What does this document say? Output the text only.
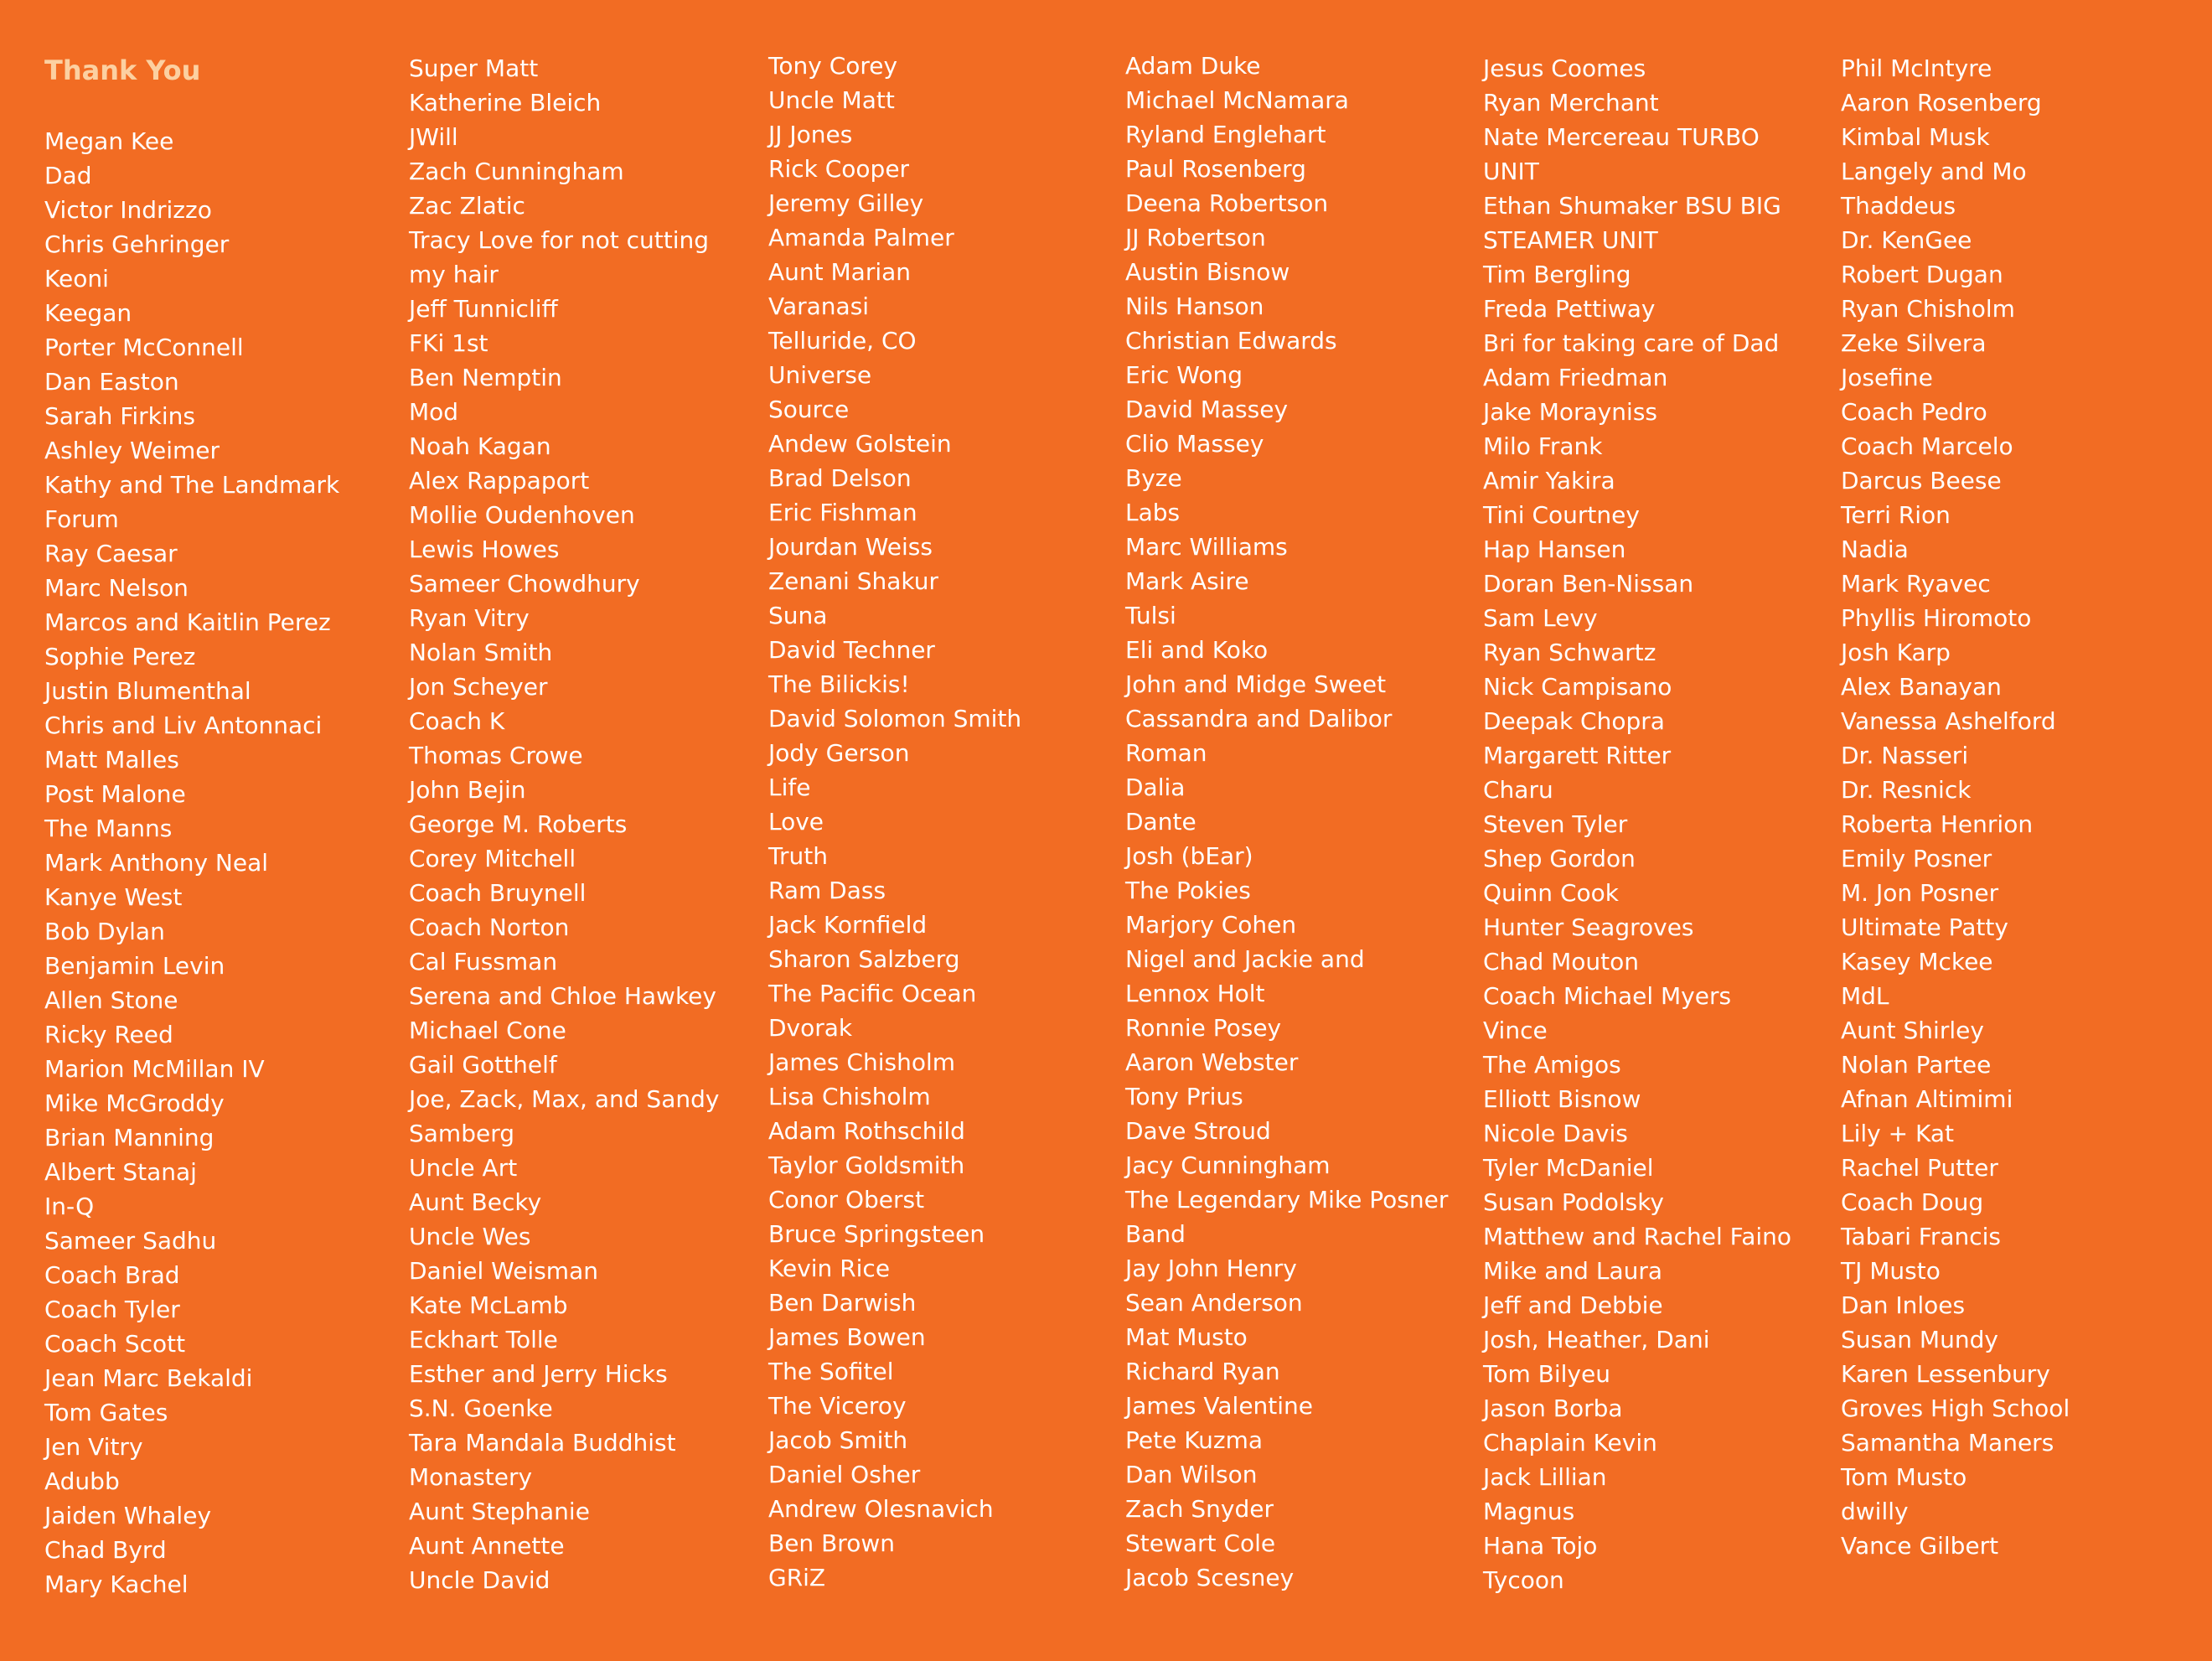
Thank You
Megan Kee
Dad
Victor Indrizzo
Chris Gehringer
Keoni
Keegan
Porter McConnell
Dan Easton
Sarah Firkins
Ashley Weimer
Kathy and The Landmark Forum
Ray Caesar
Marc Nelson
Marcos and Kaitlin Perez
Sophie Perez
Justin Blumenthal
Chris and Liv Antonnaci
Matt Malles
Post Malone
The Manns
Mark Anthony Neal
Kanye West
Bob Dylan
Benjamin Levin
Allen Stone
Ricky Reed
Marion McMillan IV
Mike McGroddy
Brian Manning
Albert Stanaj
In-Q
Sameer Sadhu
Coach Brad
Coach Tyler
Coach Scott
Jean Marc Bekaldi
Tom Gates
Jen Vitry
Adubb
Jaiden Whaley
Chad Byrd
Mary Kachel
Super Matt
Katherine Bleich
JWill
Zach Cunningham
Zac Zlatic
Tracy Love for not cutting my hair
Jeff Tunnicliff
FKi 1st
Ben Nemptin
Mod
Noah Kagan
Alex Rappaport
Mollie Oudenhoven
Lewis Howes
Sameer Chowdhury
Ryan Vitry
Nolan Smith
Jon Scheyer
Coach K
Thomas Crowe
John Bejin
George M. Roberts
Corey Mitchell
Coach Bruynell
Coach Norton
Cal Fussman
Serena and Chloe Hawkey
Michael Cone
Gail Gotthelf
Joe, Zack, Max, and Sandy Samberg
Uncle Art
Aunt Becky
Uncle Wes
Daniel Weisman
Kate McLamb
Eckhart Tolle
Esther and Jerry Hicks
S.N. Goenke
Tara Mandala Buddhist Monastery
Aunt Stephanie
Aunt Annette
Uncle David
Tony Corey
Uncle Matt
JJ Jones
Rick Cooper
Jeremy Gilley
Amanda Palmer
Aunt Marian
Varanasi
Telluride, CO
Universe
Source
Andew Golstein
Brad Delson
Eric Fishman
Jourdan Weiss
Zenani Shakur
Suna
David Techner
The Bilickis!
David Solomon Smith
Jody Gerson
Life
Love
Truth
Ram Dass
Jack Kornfield
Sharon Salzberg
The Pacific Ocean
Dvorak
James Chisholm
Lisa Chisholm
Adam Rothschild
Taylor Goldsmith
Conor Oberst
Bruce Springsteen
Kevin Rice
Ben Darwish
James Bowen
The Sofitel
The Viceroy
Jacob Smith
Daniel Osher
Andrew Olesnavich
Ben Brown
GRiZ
Adam Duke
Michael McNamara
Ryland Englehart
Paul Rosenberg
Deena Robertson
JJ Robertson
Austin Bisnow
Nils Hanson
Christian Edwards
Eric Wong
David Massey
Clio Massey
Byze
Labs
Marc Williams
Mark Asire
Tulsi
Eli and Koko
John and Midge Sweet
Cassandra and Dalibor
Roman
Dalia
Dante
Josh (bEar)
The Pokies
Marjory Cohen
Nigel and Jackie and Lennox Holt
Ronnie Posey
Aaron Webster
Tony Prius
Dave Stroud
Jacy Cunningham
The Legendary Mike Posner Band
Jay John Henry
Sean Anderson
Mat Musto
Richard Ryan
James Valentine
Pete Kuzma
Dan Wilson
Zach Snyder
Stewart Cole
Jacob Scesney
Jesus Coomes
Ryan Merchant
Nate Mercereau TURBO UNIT
Ethan Shumaker BSU BIG STEAMER UNIT
Tim Bergling
Freda Pettiway
Bri for taking care of Dad
Adam Friedman
Jake Morayniss
Milo Frank
Amir Yakira
Tini Courtney
Hap Hansen
Doran Ben-Nissan
Sam Levy
Ryan Schwartz
Nick Campisano
Deepak Chopra
Margarett Ritter
Charu
Steven Tyler
Shep Gordon
Quinn Cook
Hunter Seagroves
Chad Mouton
Coach Michael Myers
Vince
The Amigos
Elliott Bisnow
Nicole Davis
Tyler McDaniel
Susan Podolsky
Matthew and Rachel Faino
Mike and Laura
Jeff and Debbie
Josh, Heather, Dani
Tom Bilyeu
Jason Borba
Chaplain Kevin
Jack Lillian
Magnus
Hana Tojo
Tycoon
Phil McIntyre
Aaron Rosenberg
Kimbal Musk
Langely and Mo
Thaddeus
Dr. KenGee
Robert Dugan
Ryan Chisholm
Zeke Silvera
Josefine
Coach Pedro
Coach Marcelo
Darcus Beese
Terri Rion
Nadia
Mark Ryavec
Phyllis Hiromoto
Josh Karp
Alex Banayan
Vanessa Ashelford
Dr. Nasseri
Dr. Resnick
Roberta Henrion
Emily Posner
M. Jon Posner
Ultimate Patty
Kasey Mckee
MdL
Aunt Shirley
Nolan Partee
Afnan Altimimi
Lily + Kat
Rachel Putter
Coach Doug
Tabari Francis
TJ Musto
Dan Inloes
Susan Mundy
Karen Lessenbury
Groves High School
Samantha Maners
Tom Musto
dwilly
Vance Gilbert
